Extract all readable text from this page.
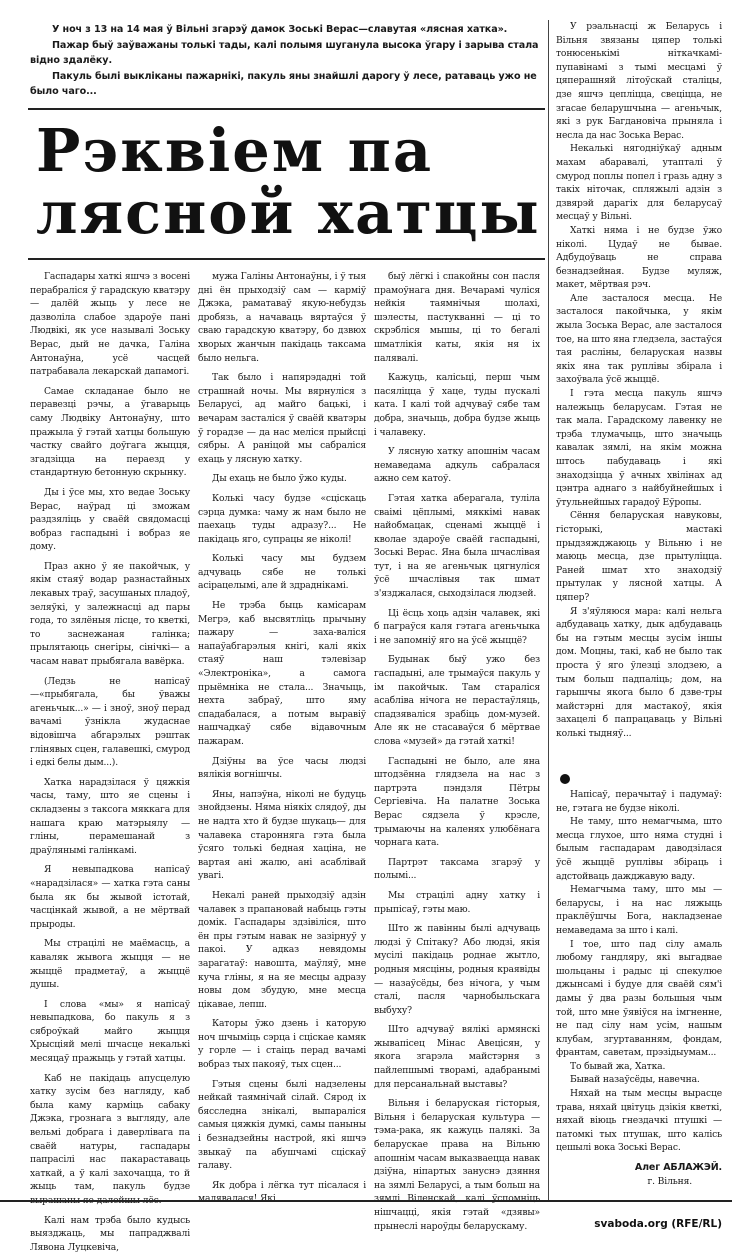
У ноч з 13 на 14 мая ў Вільні згарэў дамок Зоські Верас—славутая «лясная хатка».

Пажар быў заўважаны толькі тады, калі полымя шуганула высока ўгару і зарыва стала відно здалёку.

Пакуль былі выкліканы пажарнікі, пакуль яны знайшлі дарогу ў лесе, ратаваць ужо не было чаго...

Рэквіем па
лясной хатцы

Гаспадары хаткі яшчэ з восені перабраліся ў гарадскую кватэру— далёй жыць у лесе не дазволіла слабое здароўе пані Людвікі, як усе называлі Зоську Верас, дый не дачка, Галіна Антонаўна, усё часцей патрабавала лекарскай дапамогі.

Самае складанае было не перавезці рэчы, а ўгаварыць саму Людвіку Антонаўну, што пражыла ў гэтай хатцы большую частку свайго доўгага жыцця, згадзіцца на пераезд у стандартную бетонную скрынку.

Ды і ўсе мы, хто ведае Зоську Верас, наўрад ці зможам раздзяліць у сваёй свядомасці вобраз гаспадыні і вобраз яе дому.

Праз акно ў яе пакойчык, у якім стаяў водар разнастайных лекавых траў, засушаных пладоў, зеляўкі, у залежнасці ад пары года, то зялёныя лісце, то кветкі, то заснежаная галінка; прылятаюць снегіры, сінічкі— а часам нават прыбягала вавёрка.

(Ледзь не напісаў—«прыбягала, бы ўважы агеньчык...» — і зноў, зноў перад вачамі ўзнікла жудаснае відовішча абгарэлых рэштак глінявых сцен, галавешкі, смурод і едкі белы дым...).

Хатка нарадзілася ў цяжкія часы, таму, што яе сцены і складзены з таксога мяккага для нашага краю матэрыялу — гліны, перамешанай з драўлянымі галінкамі.

Я невыпадкова напісаў «нарадзілася» — хатка гэта саны была як бы жывой істотай, часцінкай жывой, а не мёртвай прыроды.

Мы страцілі не маёмасць, а каваляк жывога жыцця — не жыццё прадметаў, а жыццё душы.

І слова «мы» я напісаў невыпадкова, бо пакуль я з сяброўкай майго жыцця Хрысціяй мелі шчасце некалькі месяцаў пражыць у гэтай хатцы.

Каб не пакідаць апусцелую хатку зусім без нагляду, каб была каму карміць сабаку Джэка, грознага з выгляду, але вельмі добрага і даверлівага па сваёй натуры, гаспадары папрасілі нас пакараставаць хаткай, а ў калі захочацца, то й жыць там, пакуль будзе вырашаны яе далейшы лёс.

Калі нам трэба было кудысь выязджаць, мы папраджвалі Лявона Луцкевіча,

мужа Галіны Антонаўны, і ў тыя дні ён прыходзіў сам — карміў Джэка, раматаваў якую-небудзь дробязь, а начаваць вяртаўся ў сваю гарадскую кватэру, бо дзвюх хворых жанчын пакідаць таксама было нельга.

Так было і напярэдадні той страшнай ночы. Мы вярнуліся з Беларусі, ад майго бацькі, і вечарам засталіся ў сваёй кватэры ў горадзе — да нас меліся прыйсці сябры. А раніцой мы сабраліся ехаць у лясную хатку.

Ды ехаць не было ўжо куды.

Колькі часу будзе «сціскаць сэрца думка: чаму ж нам было не паехаць туды адразу?... Не пакідаць яго, супрацы яе ніколі!

Колькі часу мы будзем адчуваць сябе не толькі асірацелымі, але й здраднікамі.

Не трэба быць камісарам Мегрэ, каб высвятліць прычыну пажару — заха-валіся напаўабгарэлыя кнігі, калі якіх стаяў наш тэлевізар «Электроніка», а самога прыёмніка не стала... Значыць, нехта забраў, што яму спадабалася, а потым выравіў нашчадкаў сябе відавочным пажарам.

Дзіўны ва ўсе часы людзі вялікія вогнішчы.

Яны, напэўна, ніколі не будуць знойдзены. Няма ніякіх слядоў, ды не надта хто й будзе шукаць— для чалавека старонняга гэта была ўсяго толькі бедная хаціна, не вартая ані жалю, ані асаблівай увагі.

Некалі раней прыходзіў адзін чалавек з прапановай набыць гэты домік. Гаспадары здзівіліся, што ён пры гэтым навак не зазірнуў у пакоі. У адказ невядомы зарагатаў: навошта, маўляў, мне куча гліны, я на яе месцы адразу новы дом збудую, мне месца цікавае, лепш.

Каторы ўжо дзень і каторую ноч шчыміць сэрца і сціскае камяк у горле — і стаіць перад вачамі вобраз тых пакояў, тых сцен...

Гэтыя сцены былі надзелены нейкай таямнічай сілай. Сярод іх бясследна знікалі, выпараліся самыя цяжкія думкі, самы паныны і безнадзейны настрой, які яшчэ звыкаў па абушчамі сціскаў галаву.

Як добра і лёгка тут пісалася і малявалася! Які

быў лёгкі і спакойны сон пасля прамоўнага дня. Вечарамі чуліся нейкія таямнічыя шолахі, шэлесты, пастукванні — ці то скрэбліся мышы, ці то бегалі шматлікія каты, якія ня іх палявалі.

Кажуць, калісьці, перш чым пасяліцца ў хаце, туды пускалі ката. І калі той адчуваў сябе там добра, значыць, добра будзе жыць і чалавеку.

У лясную хатку апошнім часам немаведама адкуль сабралася ажно сем катоў.

Гэтая хатка аберагала, туліла сваімі цёплымі, мяккімі навак найобмацак, сценамі жыццё і кволае здароўе сваёй гаспадыні, Зоські Верас. Яна была шчаслівая тут, і на яе агеньчык цягнуліся ўсё шчаслівыя так шмат з'язджалася, сыходзілася людзей.

Ці ёсць хоць адзін чалавек, які б паграўся каля гэтага агеньчыка і не запомніў яго на ўсё жыццё?

Будынак быў ужо без гаспадыні, але трымаўся пакуль у ім пакойчык. Там стараліся асабліва нічога не перастаўляць, спадзяваліся зрабіць дом-музей. Але як не стасаваўся б мёртвае слова «музей» да гэтай хаткі!

Гаспадыні не было, але яна штодзённа глядзела на нас з партрэта пэндзля Пётры Сергіевіча. На палатне Зоська Верас сядзела ў крэсле, трымаючы на каленях улюбёнага чорнага ката.

Партрэт таксама згарэў у полымі...

Мы страцілі адну хатку і прыпісаў, гэты маю.

Што ж павінны былі адчуваць людзі ў Спітаку? Або людзі, якія мусілі пакідаць роднае жытло, родныя мясціны, родныя краявіды — назаўсёды, без нічога, у чым сталі, пасля чарнобыльскага выбуху?

Што адчуваў вялікі армянскі жывапісец Мінас Авецісян, у якога згарэла майстэрня з пайлепшымі творамі, адабранымі для персанальнай выставы?

Вільня і беларуская гісторыя, Вільня і беларуская культура — тэма-рака, як кажуць палякі. За беларускае права на Вільню апошнім часам выказваецца навак дзіўна, ніпартых зануснэ дзяння на зямлі Беларусі, а тым больш на зямлі Віленскай, калі ўспомніць нішчацці, якія гэтай «дзявы» прынеслі нароўды беларускаму.

У рэальнасці ж Беларусь і Вільня звязаны цяпер толькі тонюсенькімі ніткачкамі-пупавінамі з тымі месцамі ў цяперашняй літоўскай сталіцы, дзе яшчэ цепліцца, свеціцца, не згасае беларушчына — агеньчык, які з рук Багдановіча прыняла і несла да нас Зоська Верас.

Некалькі нягодніўкаў адным махам абаравалі, утапталі ў смурод поплы попел і гразь адну з такіх ніточак, спляжылі адзін з дзвярэй дарагіх для беларусаў месцаў у Вільні.

Хаткі няма і не будзе ўжо ніколі. Цудаў не бывае. Адбудоўваць не справа безнадзейная. Будзе муляж, макет, мёртвая рэч.

Але засталося месца. Не засталося пакойчыка, у якім жыла Зоська Верас, але засталося тое, на што яна гледзела, застаўся тая расліны, беларуская назвы якіх яна так руплівы збірала і захоўвала ўсё жыццё.

І гэта месца пакуль яшчэ належыць беларусам. Гэтая не так мала. Гарадскому лавенку не трэба тлумачыць, што значыць кавалак зямлі, на якім можна штось пабудаваць і які знаходзіцца ў ачных хвілінах ад цэнтра аднаго з найбуйнейшых і ўтульнейшых гарадоў Еўропы.

Сёння беларуская навуковы, гісторыкі, мастакі прыдзяжджаюць у Вільню і не маюць месца, дзе прытуліцца. Раней шмат хто знаходзіў прытулак у лясной хатцы. А цяпер?

Я з'яўляюся мара: калі нельга адбудаваць хатку, дык адбудаваць бы на гэтым месцы зусім іншы дом. Моцны, такі, каб не было так проста ў яго ўлезці злодзею, а тым больш падпаліць; дом, на гарышчы якога было б дзве-тры майстэрні для мастакоў, якія захацелі б папрацаваць у Вільні колькі тыдняў...

Напісаў, перачытаў і падумаў: не, гэтага не будзе ніколі.

Не таму, што немагчыма, што месца глухое, што няма студні і былым гаспадарам даводзілася ўсё жыццё руплівы збіраць і адстойваць дажджавую ваду.

Немагчыма таму, што мы — беларусы, і на нас ляжыць праклёўшчы Бога, накладзенае немаведама за што і калі.

І тое, што пад сілу амаль любому гандляру, які выгадвае шольцаны і радыс ці спекулюе джынсамі і будуе для сваёй сям'і дамы ў два разы большыя чым той, што мне ўявіўся на імгненне, не пад сілу нам усім, нашым клубам, згуртаванням, фондам, франтам, саветам, прэзідыумам...

То бывай жа, Хатка.

Бывай назаўсёды, навечна.

Няхай на тым месцы вырасце трава, няхай цвітуць дзікія кветкі, няхай віюць гнездачкі птушкі — патомкі тых птушак, што калісь цешылі вока Зоські Верас.

Алег АБЛАЖЭЙ.
г. Вільня.
svaboda.org (RFE/RL)
